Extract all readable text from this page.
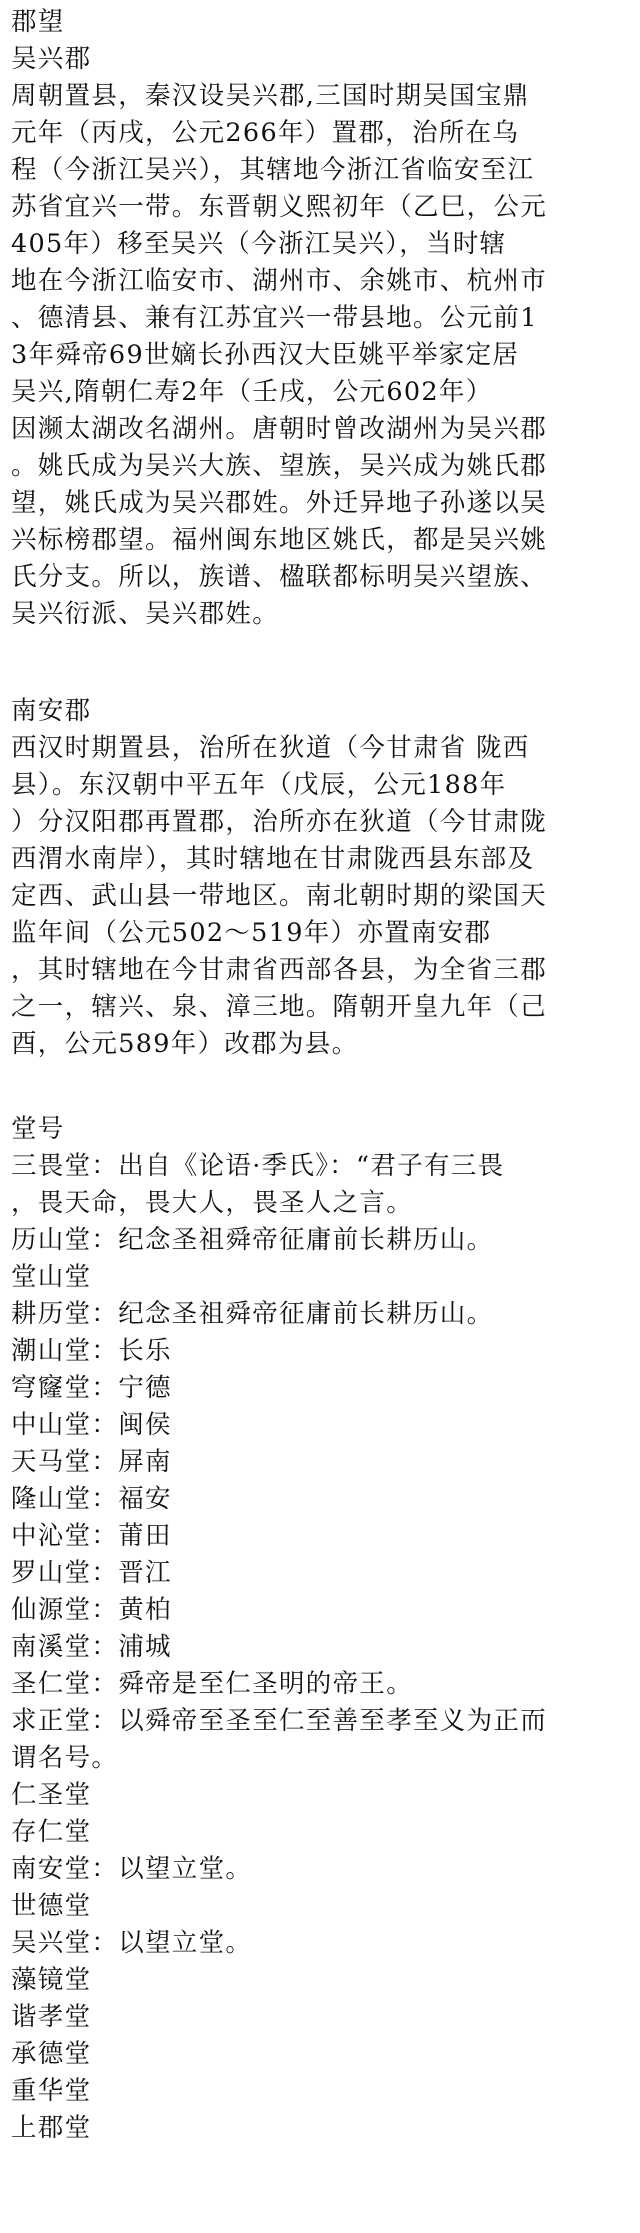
郡望
吴兴郡
周朝置县，秦汉设吴兴郡,三国时期吴国宝鼎
元年（丙戌，公元266年）置郡，治所在乌
程（今浙江吴兴），其辖地今浙江省临安至江
苏省宜兴一带。东晋朝义熙初年（乙巳，公元
405年）移至吴兴（今浙江吴兴），当时辖
地在今浙江临安市、湖州市、余姚市、杭州市
、德清县、兼有江苏宜兴一带县地。公元前1
3年舜帝69世嫡长孙西汉大臣姚平举家定居
吴兴,隋朝仁寿2年（壬戌，公元602年）
因濒太湖改名湖州。唐朝时曾改湖州为吴兴郡
。姚氏成为吴兴大族、望族，吴兴成为姚氏郡
望，姚氏成为吴兴郡姓。外迁异地子孙遂以吴
兴标榜郡望。福州闽东地区姚氏，都是吴兴姚
氏分支。所以，族谱、楹联都标明吴兴望族、
吴兴衍派、吴兴郡姓。
南安郡
西汉时期置县，治所在狄道（今甘肃省 陇西
县）。东汉朝中平五年（戊辰，公元188年
）分汉阳郡再置郡，治所亦在狄道（今甘肃陇
西渭水南岸），其时辖地在甘肃陇西县东部及
定西、武山县一带地区。南北朝时期的梁国天
监年间（公元502～519年）亦置南安郡
，其时辖地在今甘肃省西部各县，为全省三郡
之一，辖兴、泉、漳三地。隋朝开皇九年（己
酉，公元589年）改郡为县。
堂号
三畏堂：出自《论语·季氏》：“君子有三畏
，畏天命，畏大人，畏圣人之言。
历山堂：纪念圣祖舜帝征庸前长耕历山。
堂山堂
耕历堂：纪念圣祖舜帝征庸前长耕历山。
潮山堂：长乐
穹窿堂：宁德
中山堂：闽侯
天马堂：屏南
隆山堂：福安
中沁堂：莆田
罗山堂：晋江
仙源堂：黄柏
南溪堂：浦城
圣仁堂：舜帝是至仁圣明的帝王。
求正堂：以舜帝至圣至仁至善至孝至义为正而
谓名号。
仁圣堂
存仁堂
南安堂：以望立堂。
世德堂
吴兴堂：以望立堂。
藻镜堂
谐孝堂
承德堂
重华堂
上郡堂
